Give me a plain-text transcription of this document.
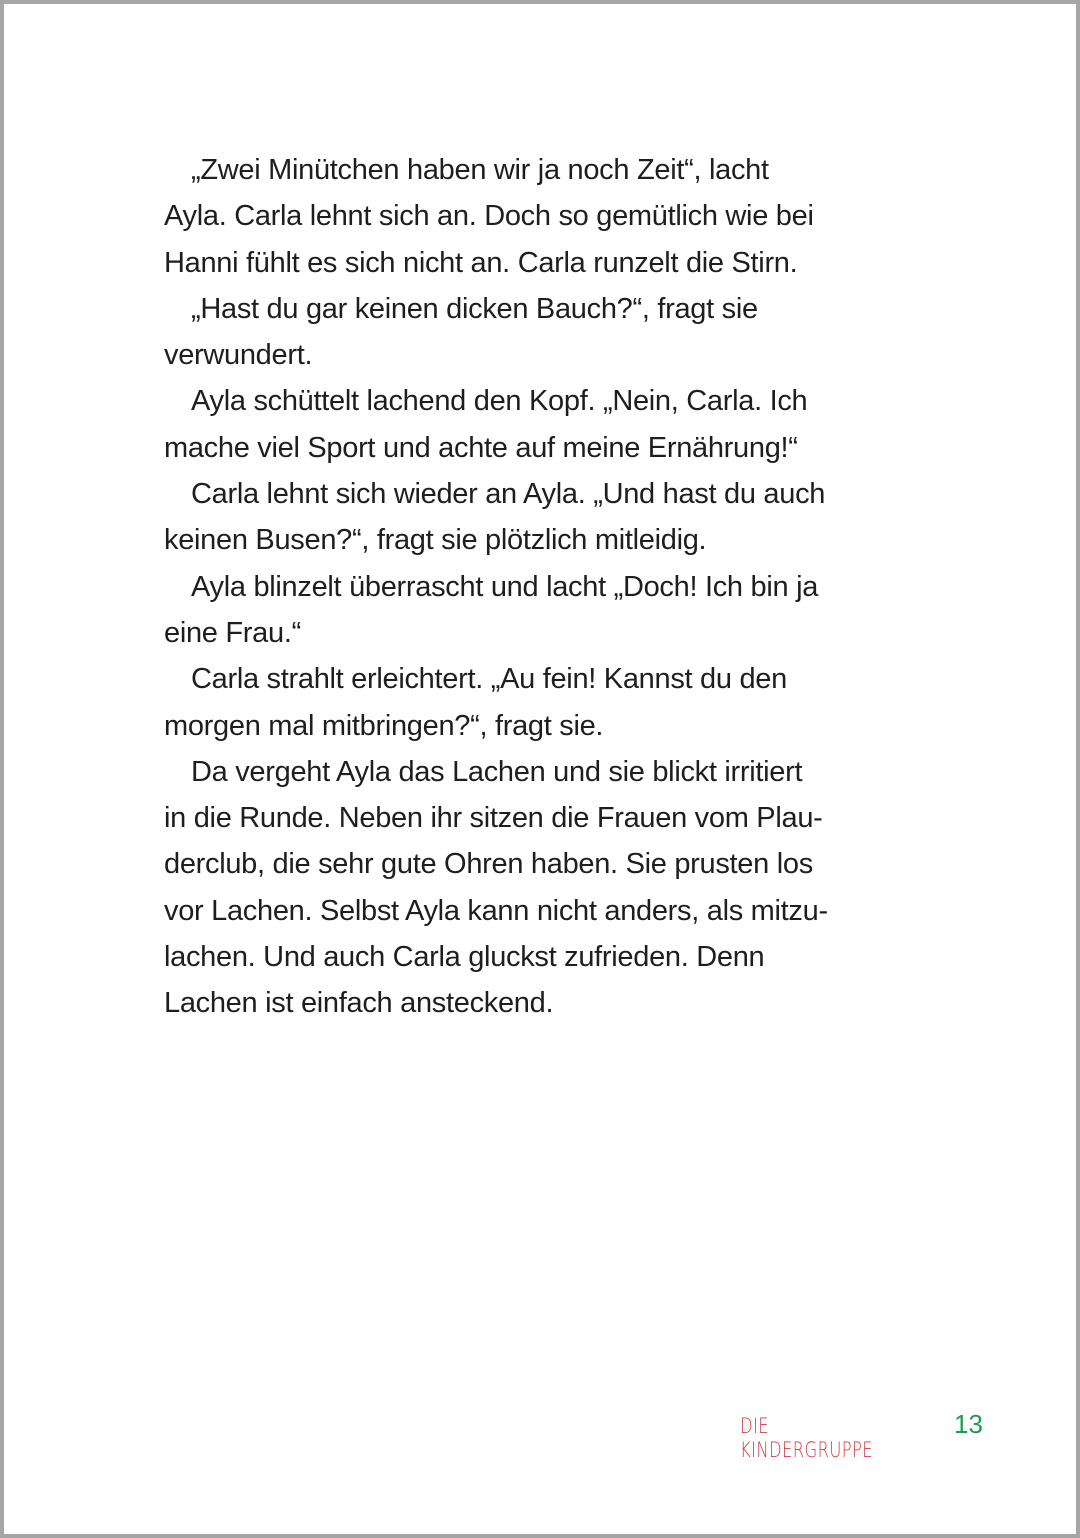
„Zwei Minütchen haben wir ja noch Zeit“, lacht
Ayla. Carla lehnt sich an. Doch so gemütlich wie bei
Hanni fühlt es sich nicht an. Carla runzelt die Stirn.
„Hast du gar keinen dicken Bauch?“, fragt sie
verwundert.
Ayla schüttelt lachend den Kopf. „Nein, Carla. Ich
mache viel Sport und achte auf meine Ernährung!“
Carla lehnt sich wieder an Ayla. „Und hast du auch
keinen Busen?“, fragt sie plötzlich mitleidig.
Ayla blinzelt überrascht und lacht „Doch! Ich bin ja
eine Frau.“
Carla strahlt erleichtert. „Au fein! Kannst du den
morgen mal mitbringen?“, fragt sie.
Da vergeht Ayla das Lachen und sie blickt irritiert
in die Runde. Neben ihr sitzen die Frauen vom Plau-
derclub, die sehr gute Ohren haben. Sie prusten los
vor Lachen. Selbst Ayla kann nicht anders, als mitzu-
lachen. Und auch Carla gluckst zufrieden. Denn
Lachen ist einfach ansteckend.
DIE KINDERGRUPPE
13
